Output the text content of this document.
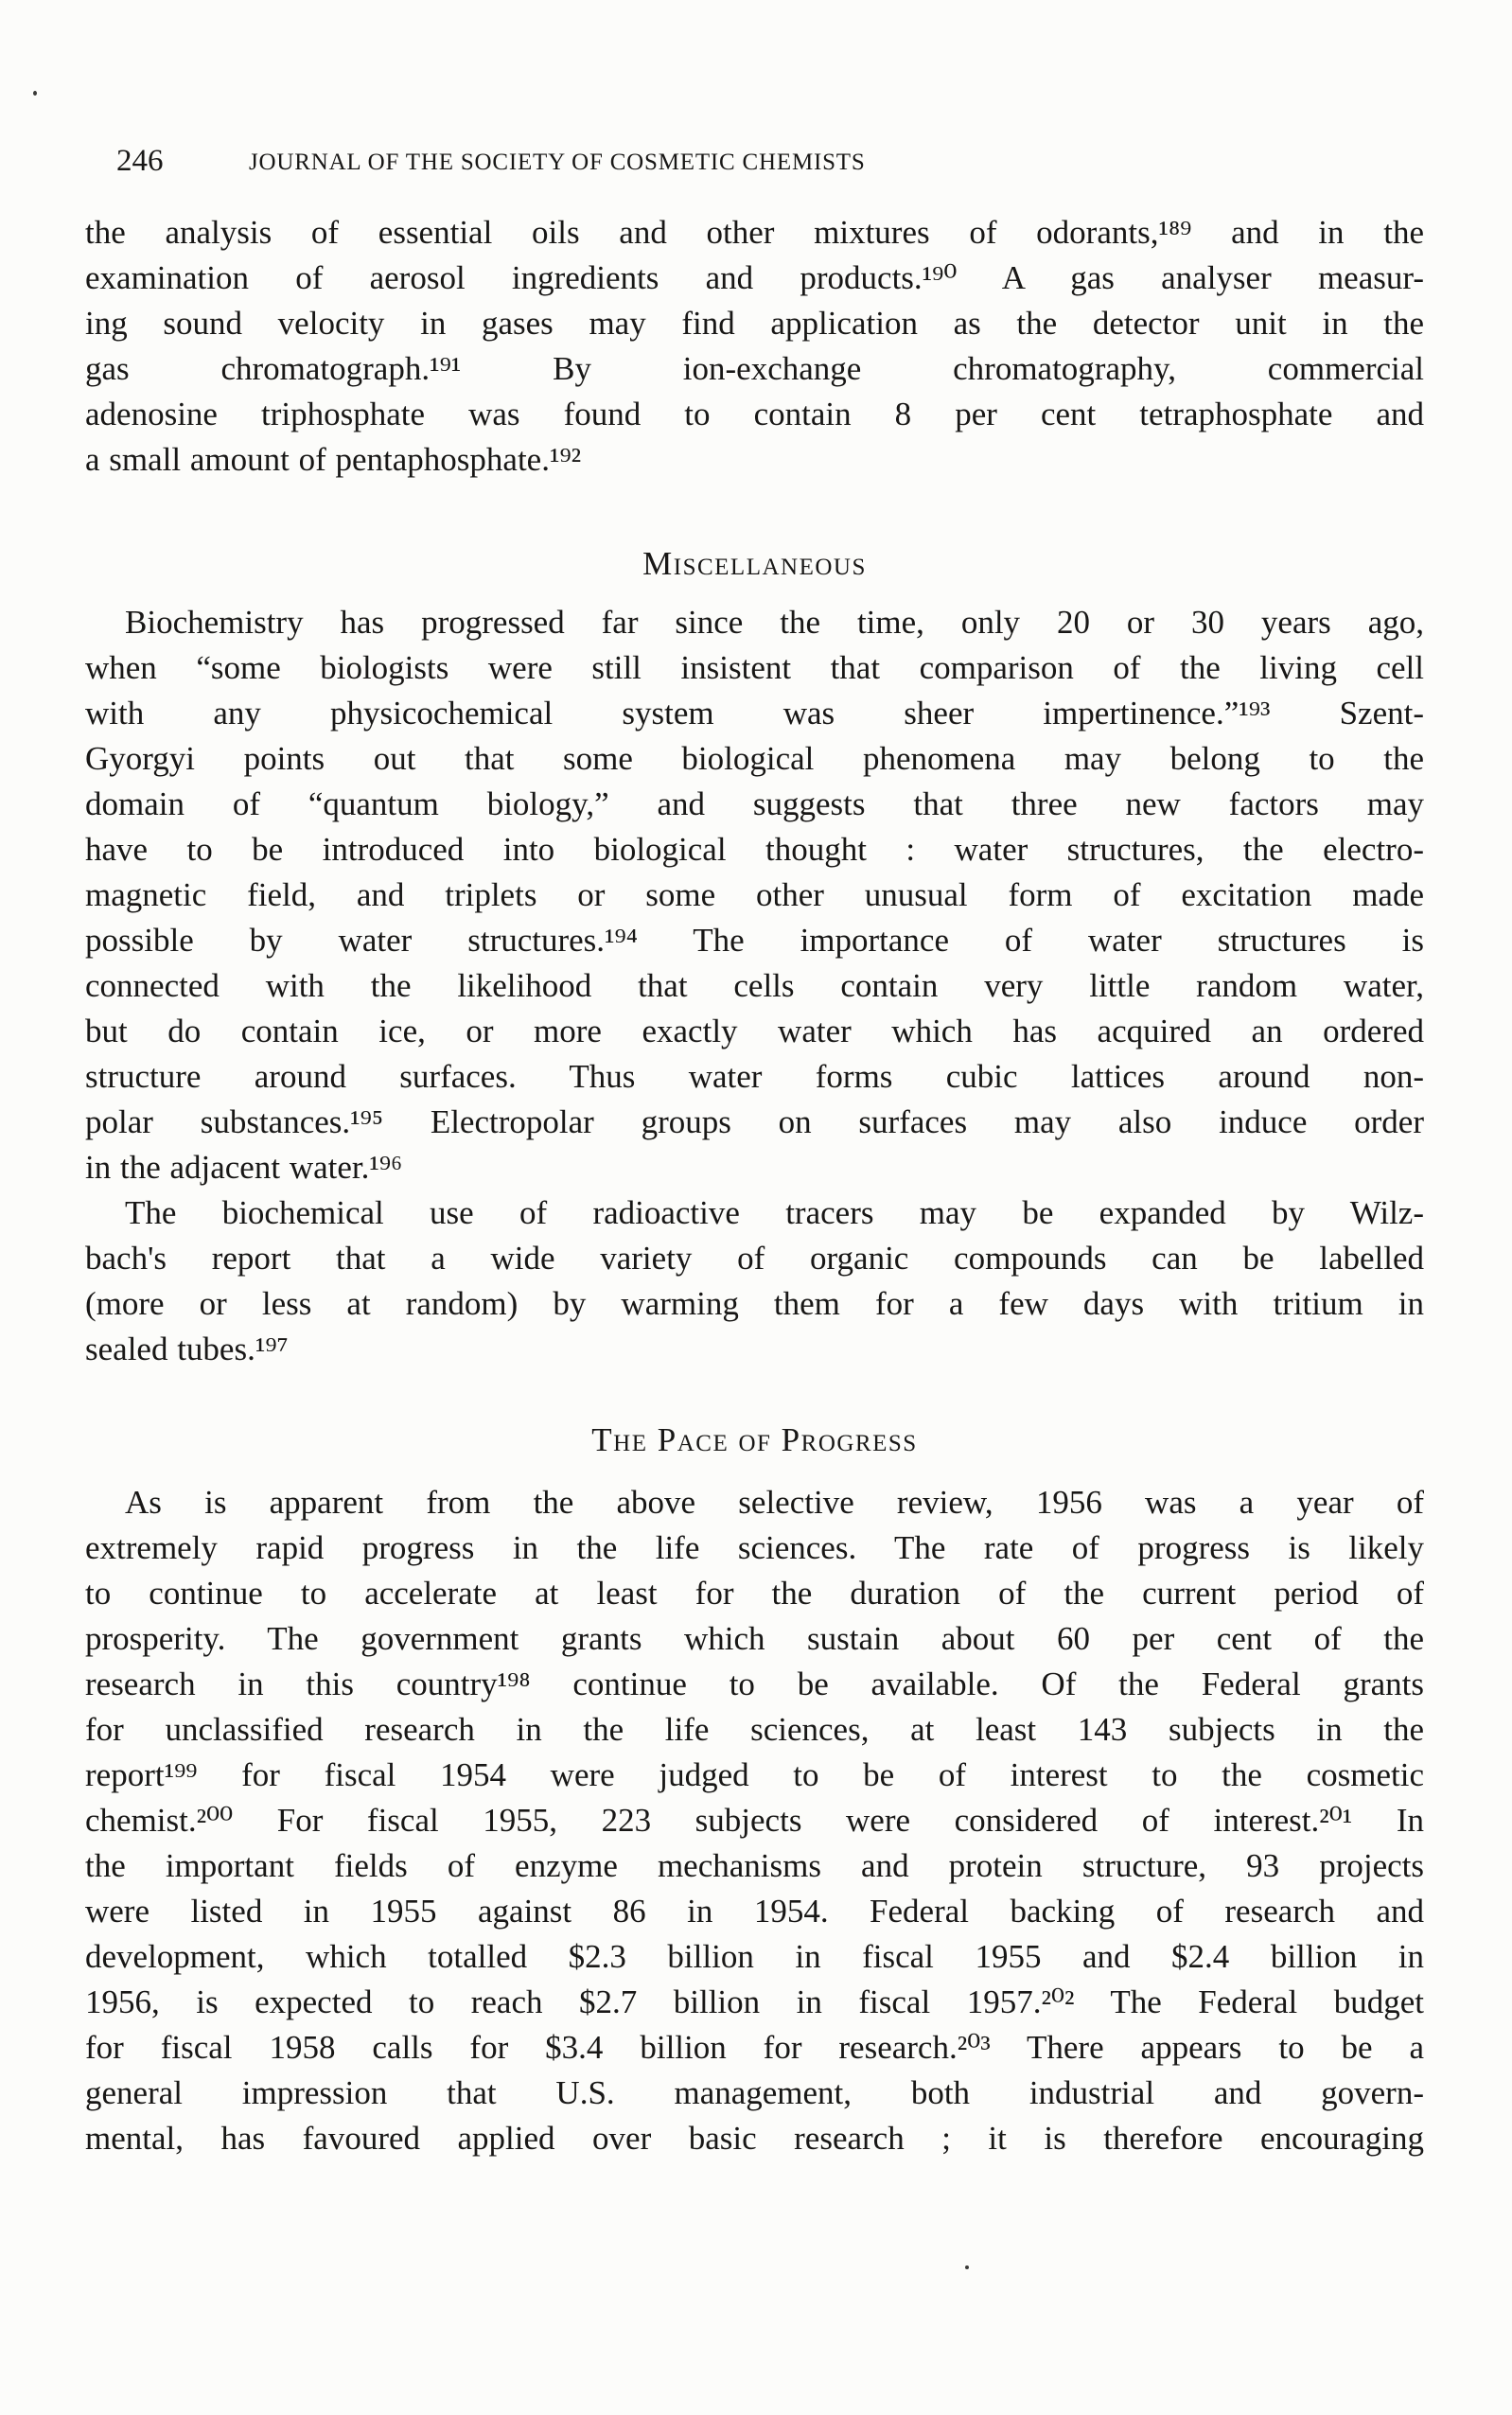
246	JOURNAL OF THE SOCIETY OF COSMETIC CHEMISTS
the analysis of essential oils and other mixtures of odorants,¹⁸⁹ and in the
examination of aerosol ingredients and products.¹⁹⁰ A gas analyser measur-
ing sound velocity in gases may find application as the detector unit in the
gas chromatograph.¹⁹¹ By ion-exchange chromatography, commercial
adenosine triphosphate was found to contain 8 per cent tetraphosphate and
a small amount of pentaphosphate.¹⁹²
Miscellaneous
Biochemistry has progressed far since the time, only 20 or 30 years ago,
when “some biologists were still insistent that comparison of the living cell
with any physicochemical system was sheer impertinence.”¹⁹³ Szent-
Gyorgyi points out that some biological phenomena may belong to the
domain of “quantum biology,” and suggests that three new factors may
have to be introduced into biological thought : water structures, the electro-
magnetic field, and triplets or some other unusual form of excitation made
possible by water structures.¹⁹⁴ The importance of water structures is
connected with the likelihood that cells contain very little random water,
but do contain ice, or more exactly water which has acquired an ordered
structure around surfaces. Thus water forms cubic lattices around non-
polar substances.¹⁹⁵ Electropolar groups on surfaces may also induce order
in the adjacent water.¹⁹⁶
The biochemical use of radioactive tracers may be expanded by Wilz-
bach's report that a wide variety of organic compounds can be labelled
(more or less at random) by warming them for a few days with tritium in
sealed tubes.¹⁹⁷
The Pace of Progress
As is apparent from the above selective review, 1956 was a year of
extremely rapid progress in the life sciences. The rate of progress is likely
to continue to accelerate at least for the duration of the current period of
prosperity. The government grants which sustain about 60 per cent of the
research in this country¹⁹⁸ continue to be available. Of the Federal grants
for unclassified research in the life sciences, at least 143 subjects in the
report¹⁹⁹ for fiscal 1954 were judged to be of interest to the cosmetic
chemist.²⁰⁰ For fiscal 1955, 223 subjects were considered of interest.²⁰¹ In
the important fields of enzyme mechanisms and protein structure, 93 projects
were listed in 1955 against 86 in 1954. Federal backing of research and
development, which totalled $2.3 billion in fiscal 1955 and $2.4 billion in
1956, is expected to reach $2.7 billion in fiscal 1957.²⁰² The Federal budget
for fiscal 1958 calls for $3.4 billion for research.²⁰³ There appears to be a
general impression that U.S. management, both industrial and govern-
mental, has favoured applied over basic research ; it is therefore encouraging
